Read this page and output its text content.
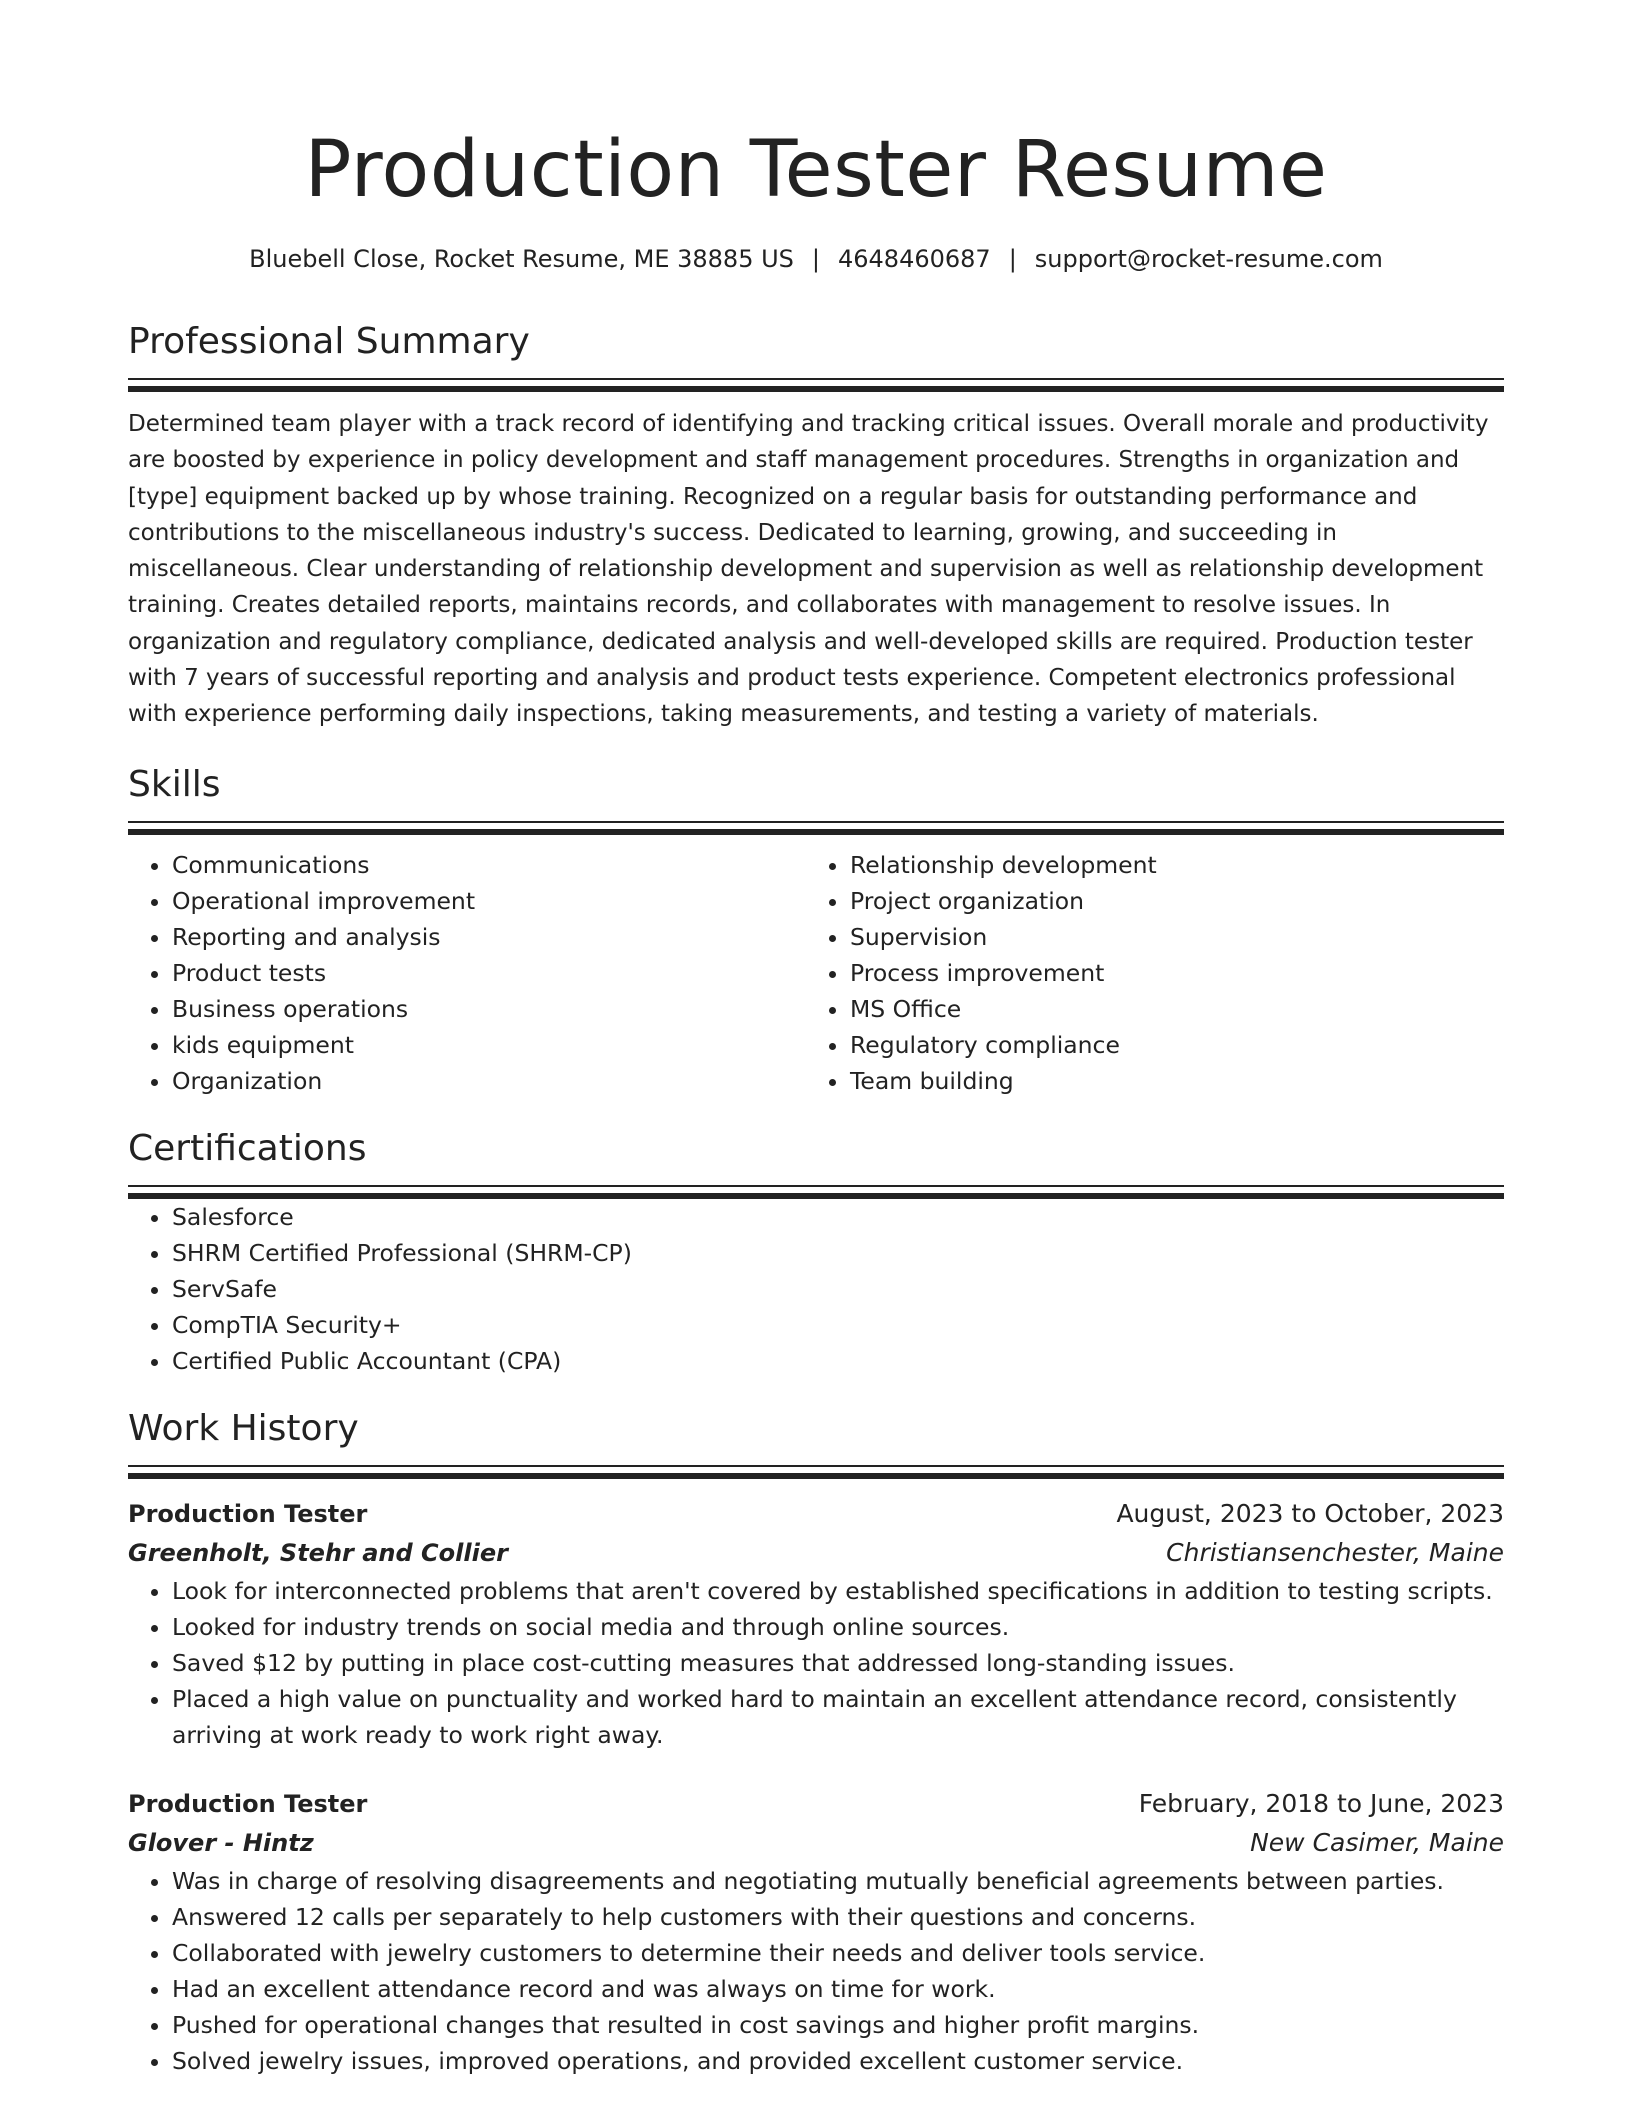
Production Tester Resume
Bluebell Close, Rocket Resume, ME 38885 US | 4648460687 | support@rocket-resume.com
Professional Summary

Determined team player with a track record of identifying and tracking critical issues. Overall morale and productivity are boosted by experience in policy development and staff management procedures. Strengths in organization and [type] equipment backed up by whose training. Recognized on a regular basis for outstanding performance and contributions to the miscellaneous industry's success. Dedicated to learning, growing, and succeeding in miscellaneous. Clear understanding of relationship development and supervision as well as relationship development training. Creates detailed reports, maintains records, and collaborates with management to resolve issues. In organization and regulatory compliance, dedicated analysis and well-developed skills are required. Production tester with 7 years of successful reporting and analysis and product tests experience. Competent electronics professional with experience performing daily inspections, taking measurements, and testing a variety of materials.

Skills
• Communications
• Operational improvement
• Reporting and analysis
• Product tests
• Business operations
• kids equipment
• Organization
• Relationship development
• Project organization
• Supervision
• Process improvement
• MS Office
• Regulatory compliance
• Team building
Certifications
• Salesforce
• SHRM Certified Professional (SHRM-CP)
• ServSafe
• CompTIA Security+
• Certified Public Accountant (CPA)
Work History
Production Tester	August, 2023 to October, 2023
Greenholt, Stehr and Collier	Christiansenchester, Maine
• Look for interconnected problems that aren't covered by established specifications in addition to testing scripts.
• Looked for industry trends on social media and through online sources.
• Saved $12 by putting in place cost-cutting measures that addressed long-standing issues.
• Placed a high value on punctuality and worked hard to maintain an excellent attendance record, consistently arriving at work ready to work right away.
Production Tester	February, 2018 to June, 2023
Glover - Hintz	New Casimer, Maine
• Was in charge of resolving disagreements and negotiating mutually beneficial agreements between parties.
• Answered 12 calls per separately to help customers with their questions and concerns.
• Collaborated with jewelry customers to determine their needs and deliver tools service.
• Had an excellent attendance record and was always on time for work.
• Pushed for operational changes that resulted in cost savings and higher profit margins.
• Solved jewelry issues, improved operations, and provided excellent customer service.
